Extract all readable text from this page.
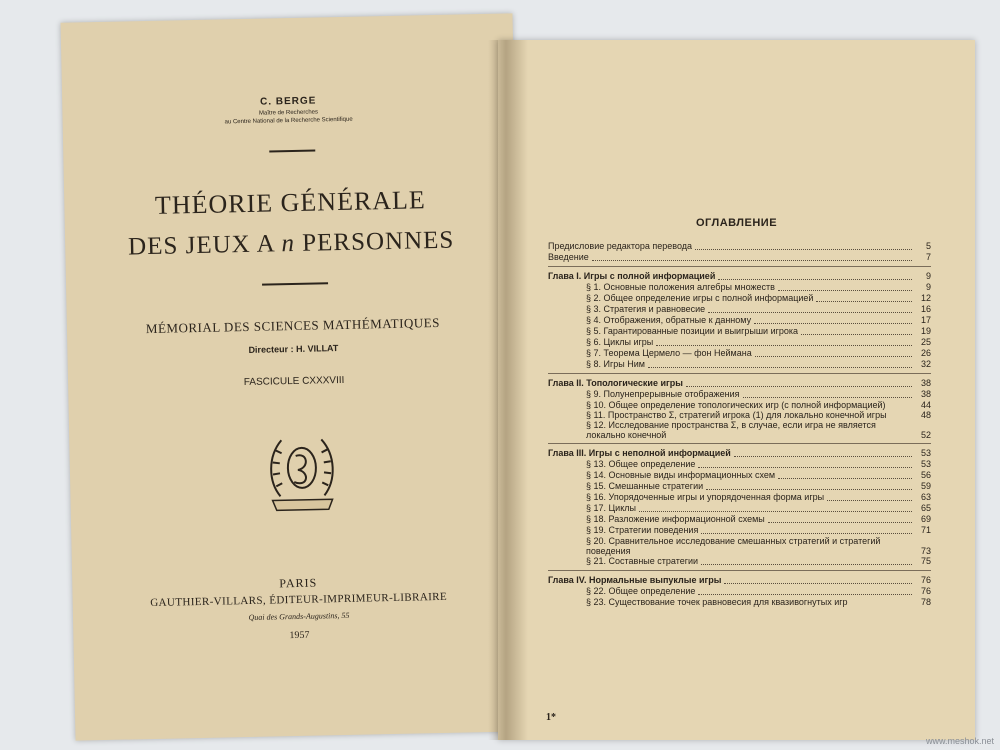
C. BERGE
Maître de Recherches
au Centre National de la Recherche Scientifique
THÉORIE GÉNÉRALE
DES JEUX A n PERSONNES
MÉMORIAL DES SCIENCES MATHÉMATIQUES
Directeur : H. VILLAT
FASCICULE CXXXVIII
PARIS
GAUTHIER-VILLARS, ÉDITEUR-IMPRIMEUR-LIBRAIRE
Quai des Grands-Augustins, 55
1957
ОГЛАВЛЕНИЕ
Предисловие редактора перевода	5
Введение	7
Глава I. Игры с полной информацией	9
§ 1. Основные положения алгебры множеств	9
§ 2. Общее определение игры с полной информацией	12
§ 3. Стратегия и равновесие	16
§ 4. Отображения, обратные к данному	17
§ 5. Гарантированные позиции и выигрыши игрока	19
§ 6. Циклы игры	25
§ 7. Теорема Цермело — фон Неймана	26
§ 8. Игры Ним	32
Глава II. Топологические игры	38
§ 9. Полунепрерывные отображения	38
§ 10. Общее определение топологических игр (с полной информацией)	44
§ 11. Пространство Σ, стратегий игрока (1) для локально конечной игры	48
§ 12. Исследование пространства Σ, в случае, если игра не является локально конечной	52
Глава III. Игры с неполной информацией	53
§ 13. Общее определение	53
§ 14. Основные виды информационных схем	56
§ 15. Смешанные стратегии	59
§ 16. Упорядоченные игры и упорядоченная форма игры	63
§ 17. Циклы	65
§ 18. Разложение информационной схемы	69
§ 19. Стратегии поведения	71
§ 20. Сравнительное исследование смешанных стратегий и стратегий поведения	73
§ 21. Составные стратегии	75
Глава IV. Нормальные выпуклые игры	76
§ 22. Общее определение	76
§ 23. Существование точек равновесия для квазивогнутых игр	78
1*
www.meshok.net
